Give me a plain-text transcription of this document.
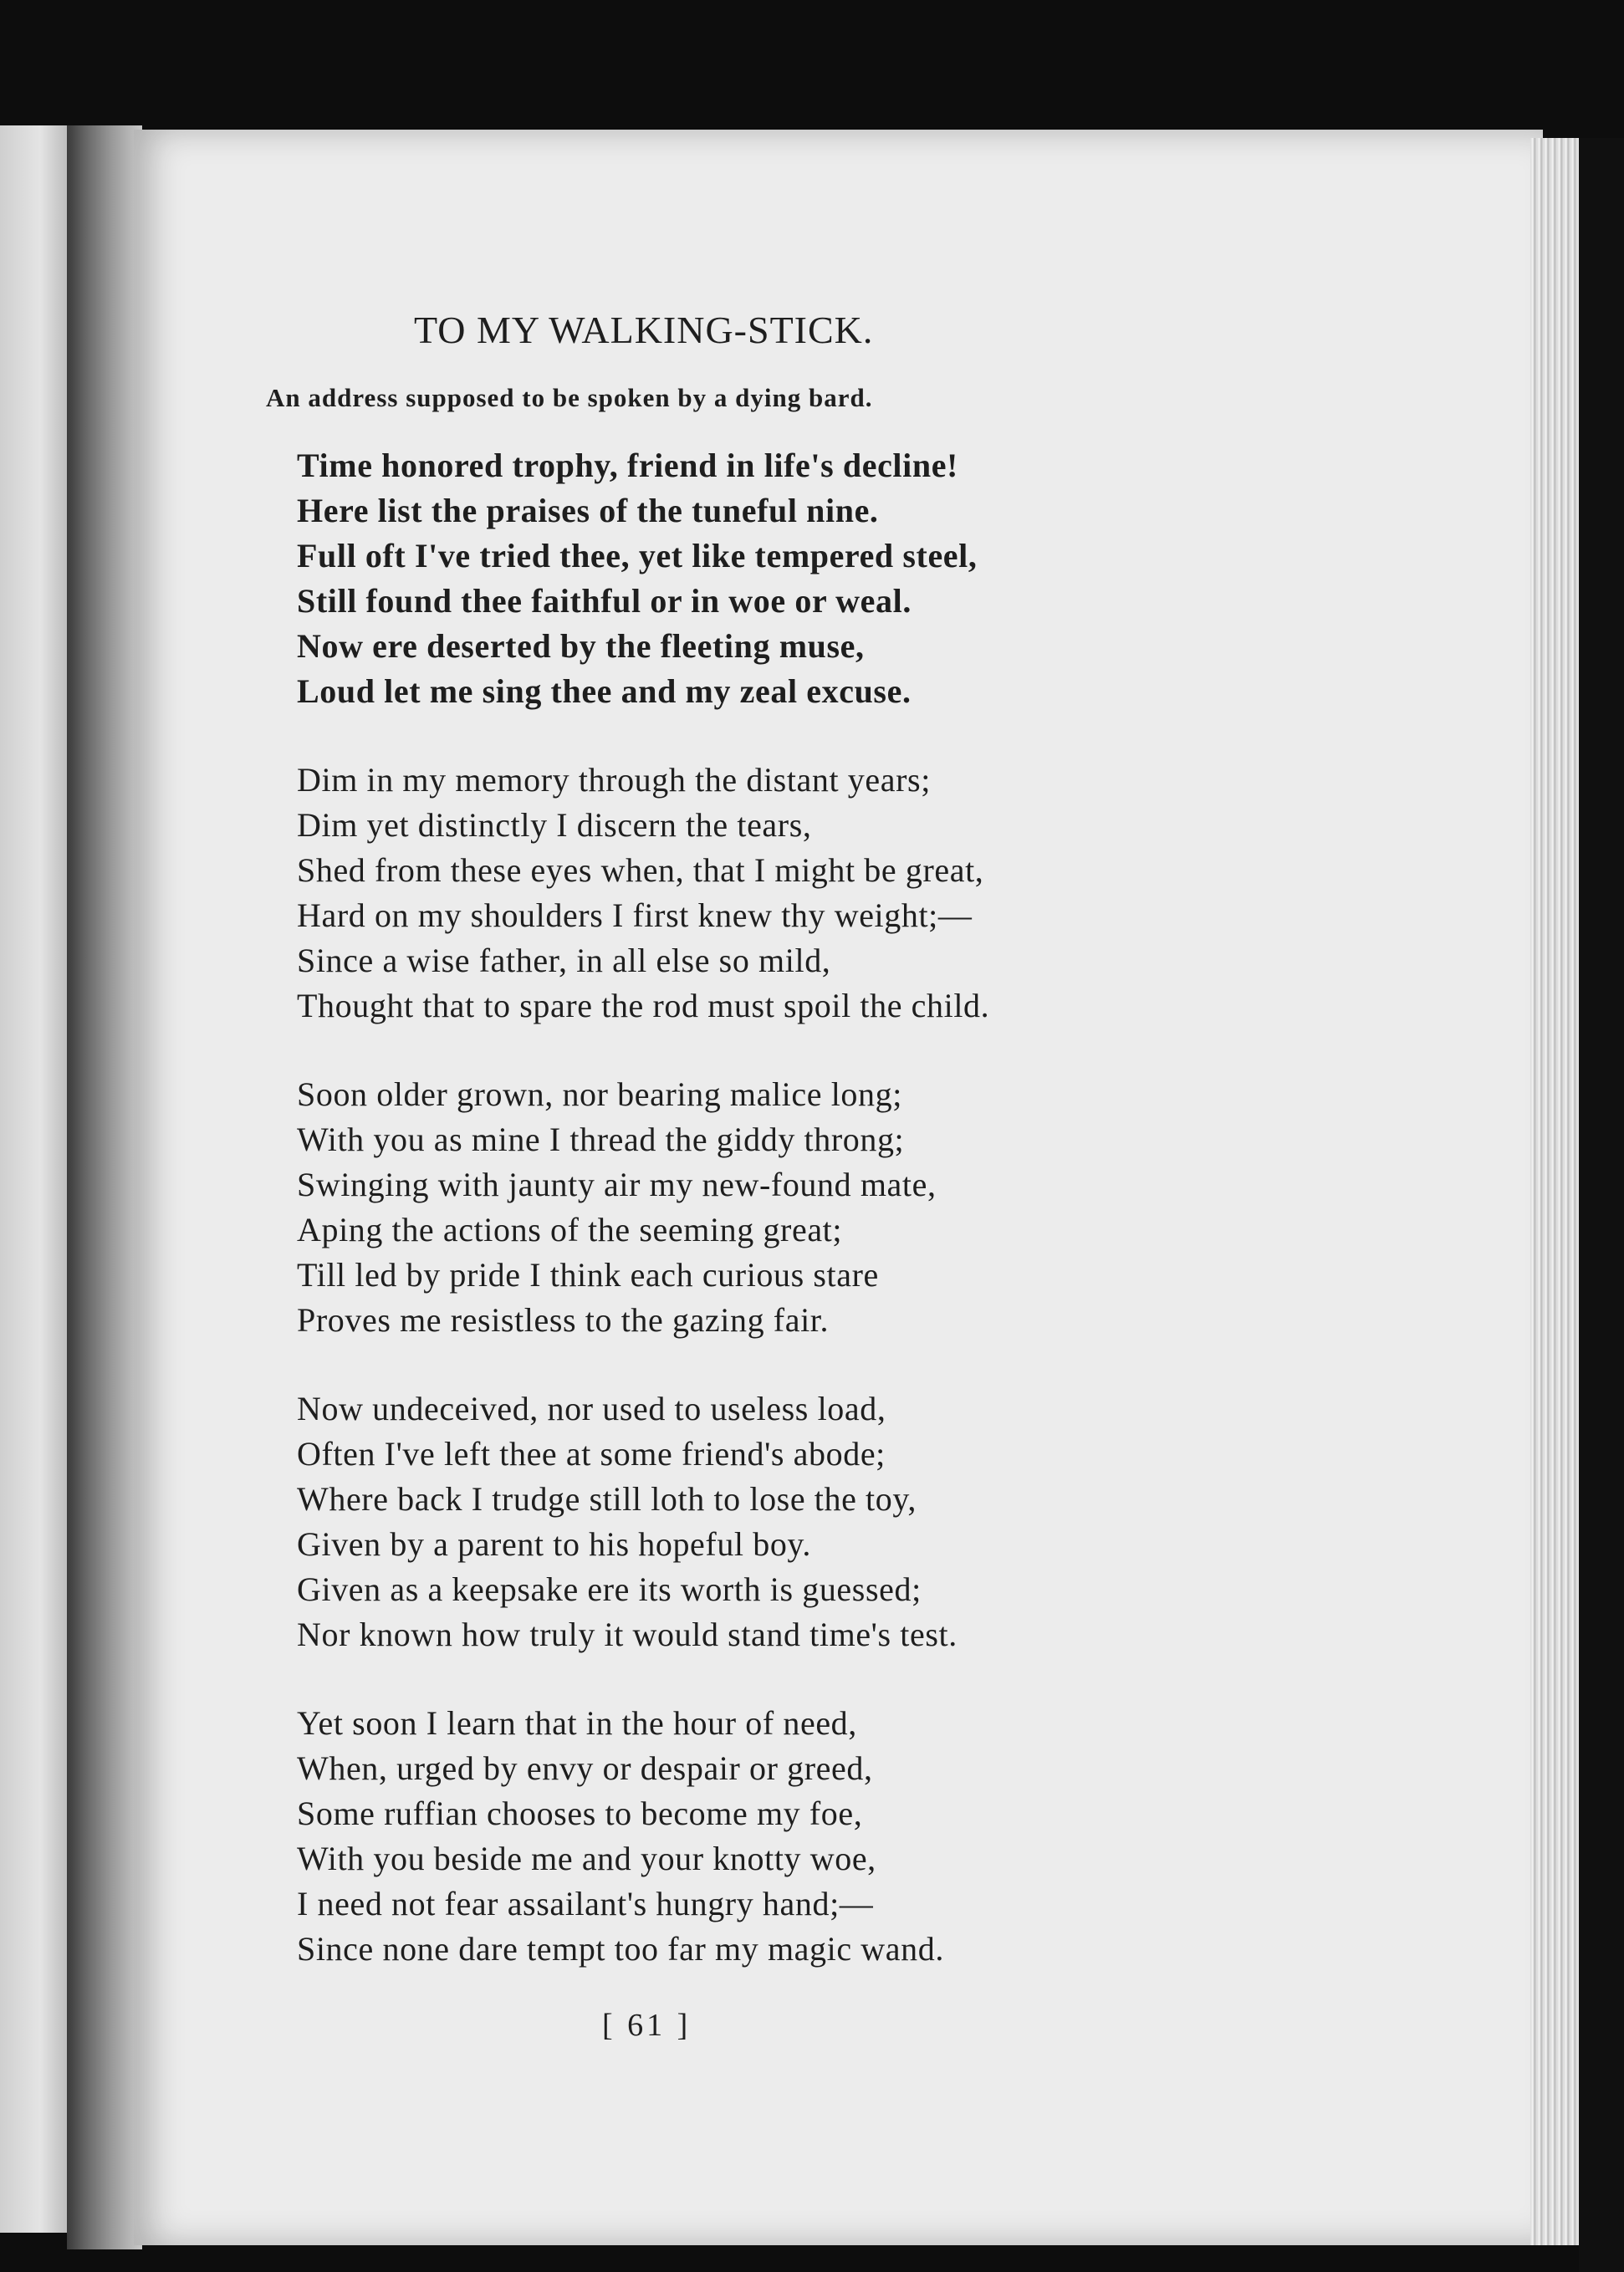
TO MY WALKING-STICK.
An address supposed to be spoken by a dying bard.
Time honored trophy, friend in life's decline!
Here list the praises of the tuneful nine.
Full oft I've tried thee, yet like tempered steel,
Still found thee faithful or in woe or weal.
Now ere deserted by the fleeting muse,
Loud let me sing thee and my zeal excuse.
Dim in my memory through the distant years;
Dim yet distinctly I discern the tears,
Shed from these eyes when, that I might be great,
Hard on my shoulders I first knew thy weight;—
Since a wise father, in all else so mild,
Thought that to spare the rod must spoil the child.
Soon older grown, nor bearing malice long;
With you as mine I thread the giddy throng;
Swinging with jaunty air my new-found mate,
Aping the actions of the seeming great;
Till led by pride I think each curious stare
Proves me resistless to the gazing fair.
Now undeceived, nor used to useless load,
Often I've left thee at some friend's abode;
Where back I trudge still loth to lose the toy,
Given by a parent to his hopeful boy.
Given as a keepsake ere its worth is guessed;
Nor known how truly it would stand time's test.
Yet soon I learn that in the hour of need,
When, urged by envy or despair or greed,
Some ruffian chooses to become my foe,
With you beside me and your knotty woe,
I need not fear assailant's hungry hand;—
Since none dare tempt too far my magic wand.
[ 61 ]
